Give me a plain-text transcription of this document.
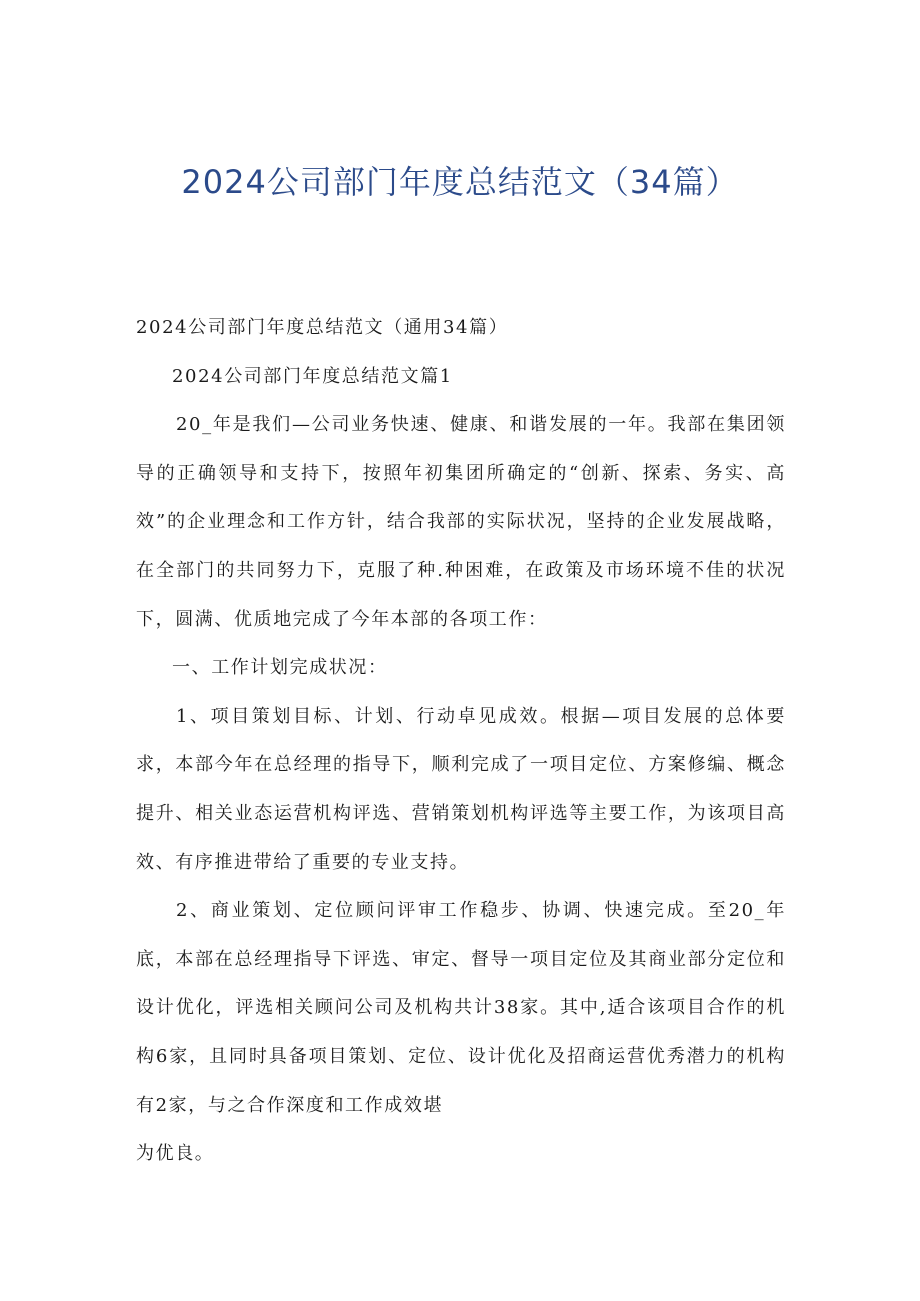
2024公司部门年度总结范文（34篇）

2024公司部门年度总结范文（通用34篇）

2024公司部门年度总结范文篇1

20_年是我们—公司业务快速、健康、和谐发展的一年。我部在集团领导的正确领导和支持下，按照年初集团所确定的“创新、探索、务实、高效”的企业理念和工作方针，结合我部的实际状况，坚持的企业发展战略，在全部门的共同努力下，克服了种.种困难，在政策及市场环境不佳的状况下，圆满、优质地完成了今年本部的各项工作：

一、工作计划完成状况：

1、项目策划目标、计划、行动卓见成效。根据—项目发展的总体要求，本部今年在总经理的指导下，顺利完成了一项目定位、方案修编、概念提升、相关业态运营机构评选、营销策划机构评选等主要工作，为该项目高效、有序推进带给了重要的专业支持。

2、商业策划、定位顾问评审工作稳步、协调、快速完成。至20_年底，本部在总经理指导下评选、审定、督导一项目定位及其商业部分定位和设计优化，评选相关顾问公司及机构共计38家。其中,适合该项目合作的机构6家，且同时具备项目策划、定位、设计优化及招商运营优秀潜力的机构有2家，与之合作深度和工作成效堪

为优良。
